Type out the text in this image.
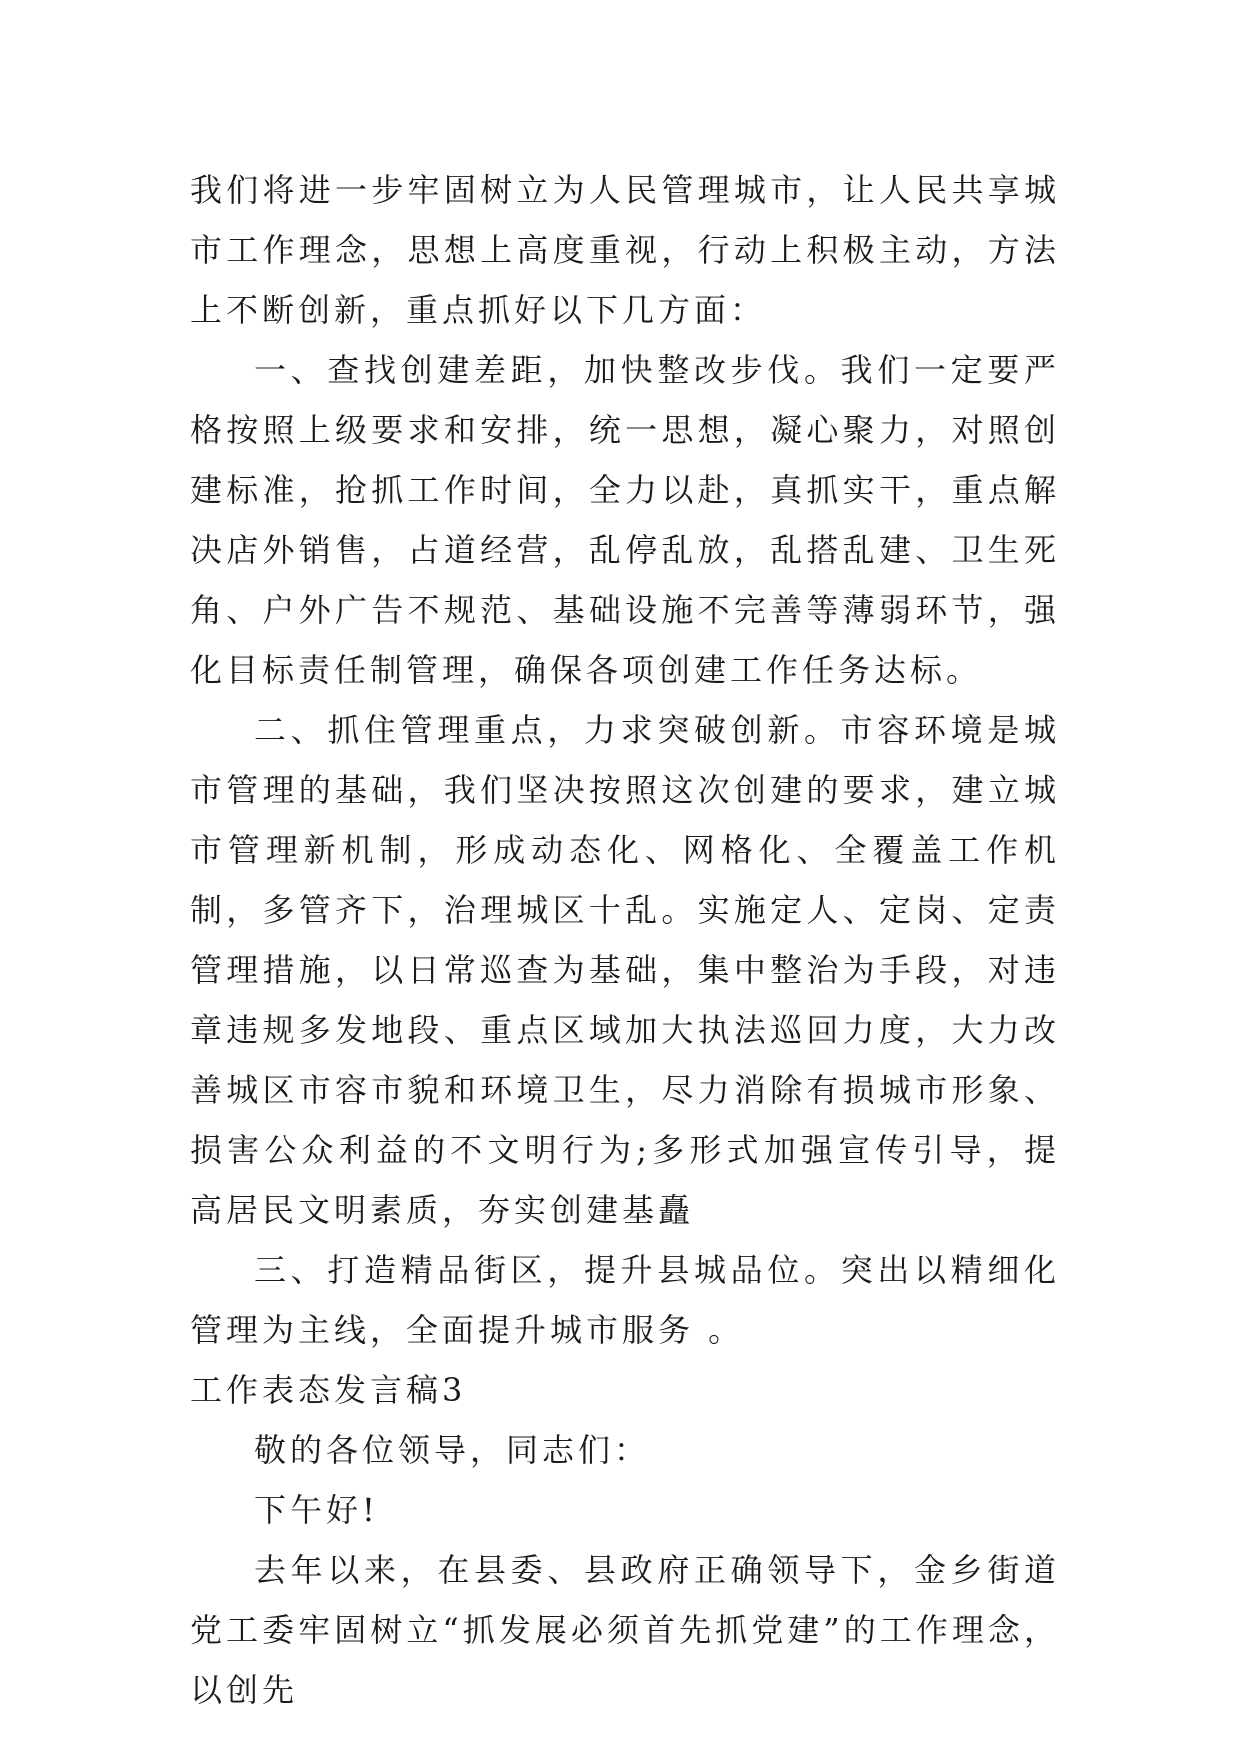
我们将进一步牢固树立为人民管理城市，让人民共享城市工作理念，思想上高度重视，行动上积极主动，方法上不断创新，重点抓好以下几方面：

一、查找创建差距，加快整改步伐。我们一定要严格按照上级要求和安排，统一思想，凝心聚力，对照创建标准，抢抓工作时间，全力以赴，真抓实干，重点解决店外销售，占道经营，乱停乱放，乱搭乱建、卫生死角、户外广告不规范、基础设施不完善等薄弱环节，强化目标责任制管理，确保各项创建工作任务达标。

二、抓住管理重点，力求突破创新。市容环境是城市管理的基础，我们坚决按照这次创建的要求，建立城市管理新机制，形成动态化、网格化、全覆盖工作机制，多管齐下，治理城区十乱。实施定人、定岗、定责管理措施，以日常巡查为基础，集中整治为手段，对违章违规多发地段、重点区域加大执法巡回力度，大力改善城区市容市貌和环境卫生，尽力消除有损城市形象、损害公众利益的不文明行为;多形式加强宣传引导，提高居民文明素质，夯实创建基矗

三、打造精品街区，提升县城品位。突出以精细化管理为主线，全面提升城市服务 。

工作表态发言稿3

敬的各位领导，同志们：

下午好!

去年以来，在县委、县政府正确领导下，金乡街道党工委牢固树立“抓发展必须首先抓党建”的工作理念，以创先
